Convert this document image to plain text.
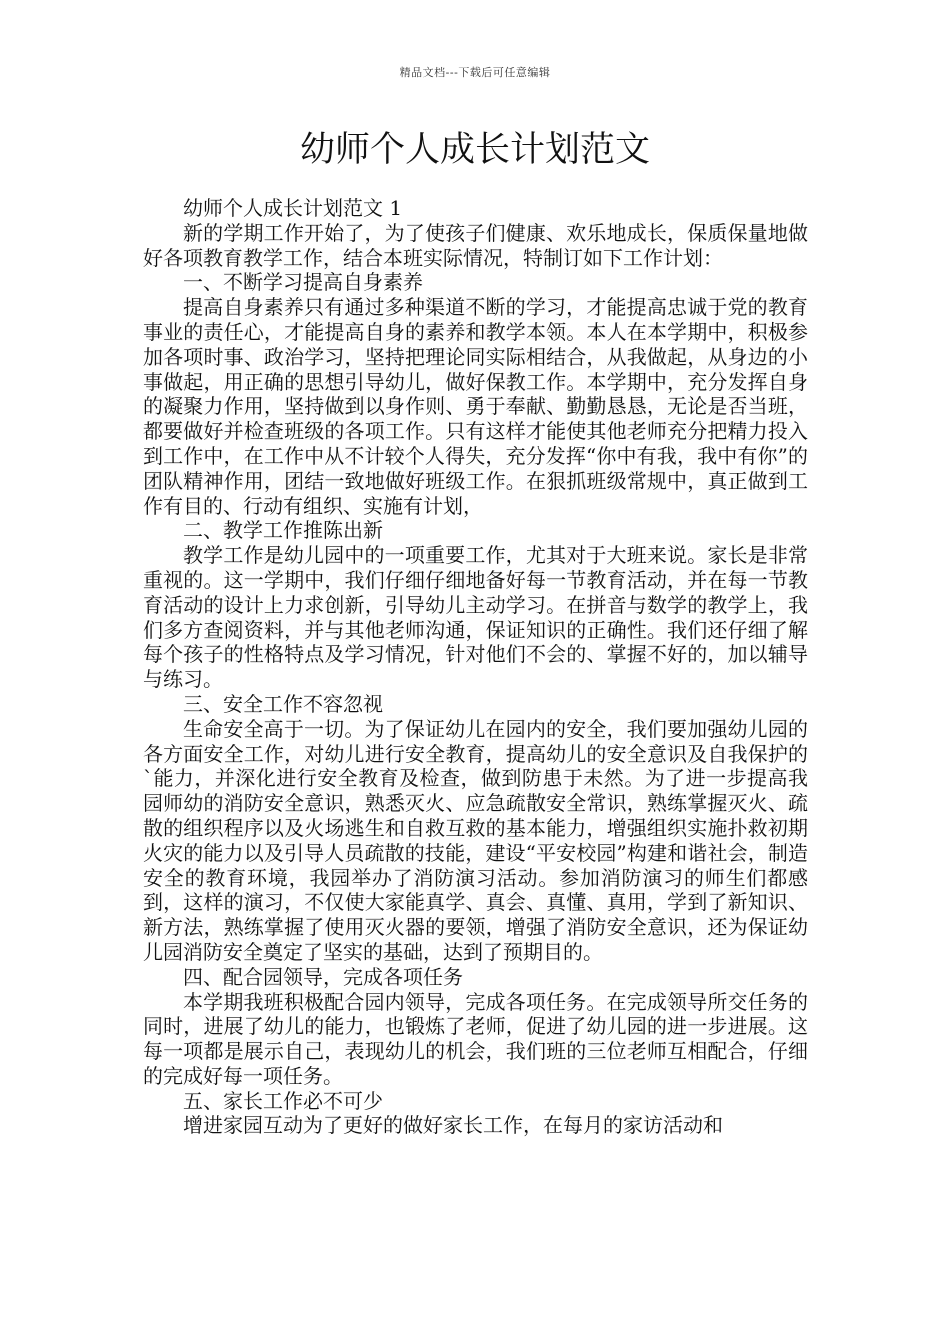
精品文档---下载后可任意编辑
幼师个人成长计划范文

幼师个人成长计划范文 1

新的学期工作开始了，为了使孩子们健康、欢乐地成长，保质保量地做好各项教育教学工作，结合本班实际情况，特制订如下工作计划：

一、不断学习提高自身素养

提高自身素养只有通过多种渠道不断的学习，才能提高忠诚于党的教育事业的责任心，才能提高自身的素养和教学本领。本人在本学期中，积极参加各项时事、政治学习，坚持把理论同实际相结合，从我做起，从身边的小事做起，用正确的思想引导幼儿，做好保教工作。本学期中，充分发挥自身的凝聚力作用，坚持做到以身作则、勇于奉献、勤勤恳恳，无论是否当班，都要做好并检查班级的各项工作。只有这样才能使其他老师充分把精力投入到工作中，在工作中从不计较个人得失，充分发挥“你中有我，我中有你”的团队精神作用，团结一致地做好班级工作。在狠抓班级常规中，真正做到工作有目的、行动有组织、实施有计划，

二、教学工作推陈出新

教学工作是幼儿园中的一项重要工作，尤其对于大班来说。家长是非常重视的。这一学期中，我们仔细仔细地备好每一节教育活动，并在每一节教育活动的设计上力求创新，引导幼儿主动学习。在拼音与数学的教学上，我们多方查阅资料，并与其他老师沟通，保证知识的正确性。我们还仔细了解每个孩子的性格特点及学习情况，针对他们不会的、掌握不好的，加以辅导与练习。

三、安全工作不容忽视

生命安全高于一切。为了保证幼儿在园内的安全，我们要加强幼儿园的各方面安全工作，对幼儿进行安全教育，提高幼儿的安全意识及自我保护的`能力，并深化进行安全教育及检查，做到防患于未然。为了进一步提高我园师幼的消防安全意识，熟悉灭火、应急疏散安全常识，熟练掌握灭火、疏散的组织程序以及火场逃生和自救互救的基本能力，增强组织实施扑救初期火灾的能力以及引导人员疏散的技能，建设“平安校园”构建和谐社会，制造安全的教育环境，我园举办了消防演习活动。参加消防演习的师生们都感到，这样的演习，不仅使大家能真学、真会、真懂、真用，学到了新知识、新方法，熟练掌握了使用灭火器的要领，增强了消防安全意识，还为保证幼儿园消防安全奠定了坚实的基础，达到了预期目的。

四、配合园领导，完成各项任务

本学期我班积极配合园内领导，完成各项任务。在完成领导所交任务的同时，进展了幼儿的能力，也锻炼了老师，促进了幼儿园的进一步进展。这每一项都是展示自己，表现幼儿的机会，我们班的三位老师互相配合，仔细的完成好每一项任务。

五、家长工作必不可少

增进家园互动为了更好的做好家长工作，在每月的家访活动和
